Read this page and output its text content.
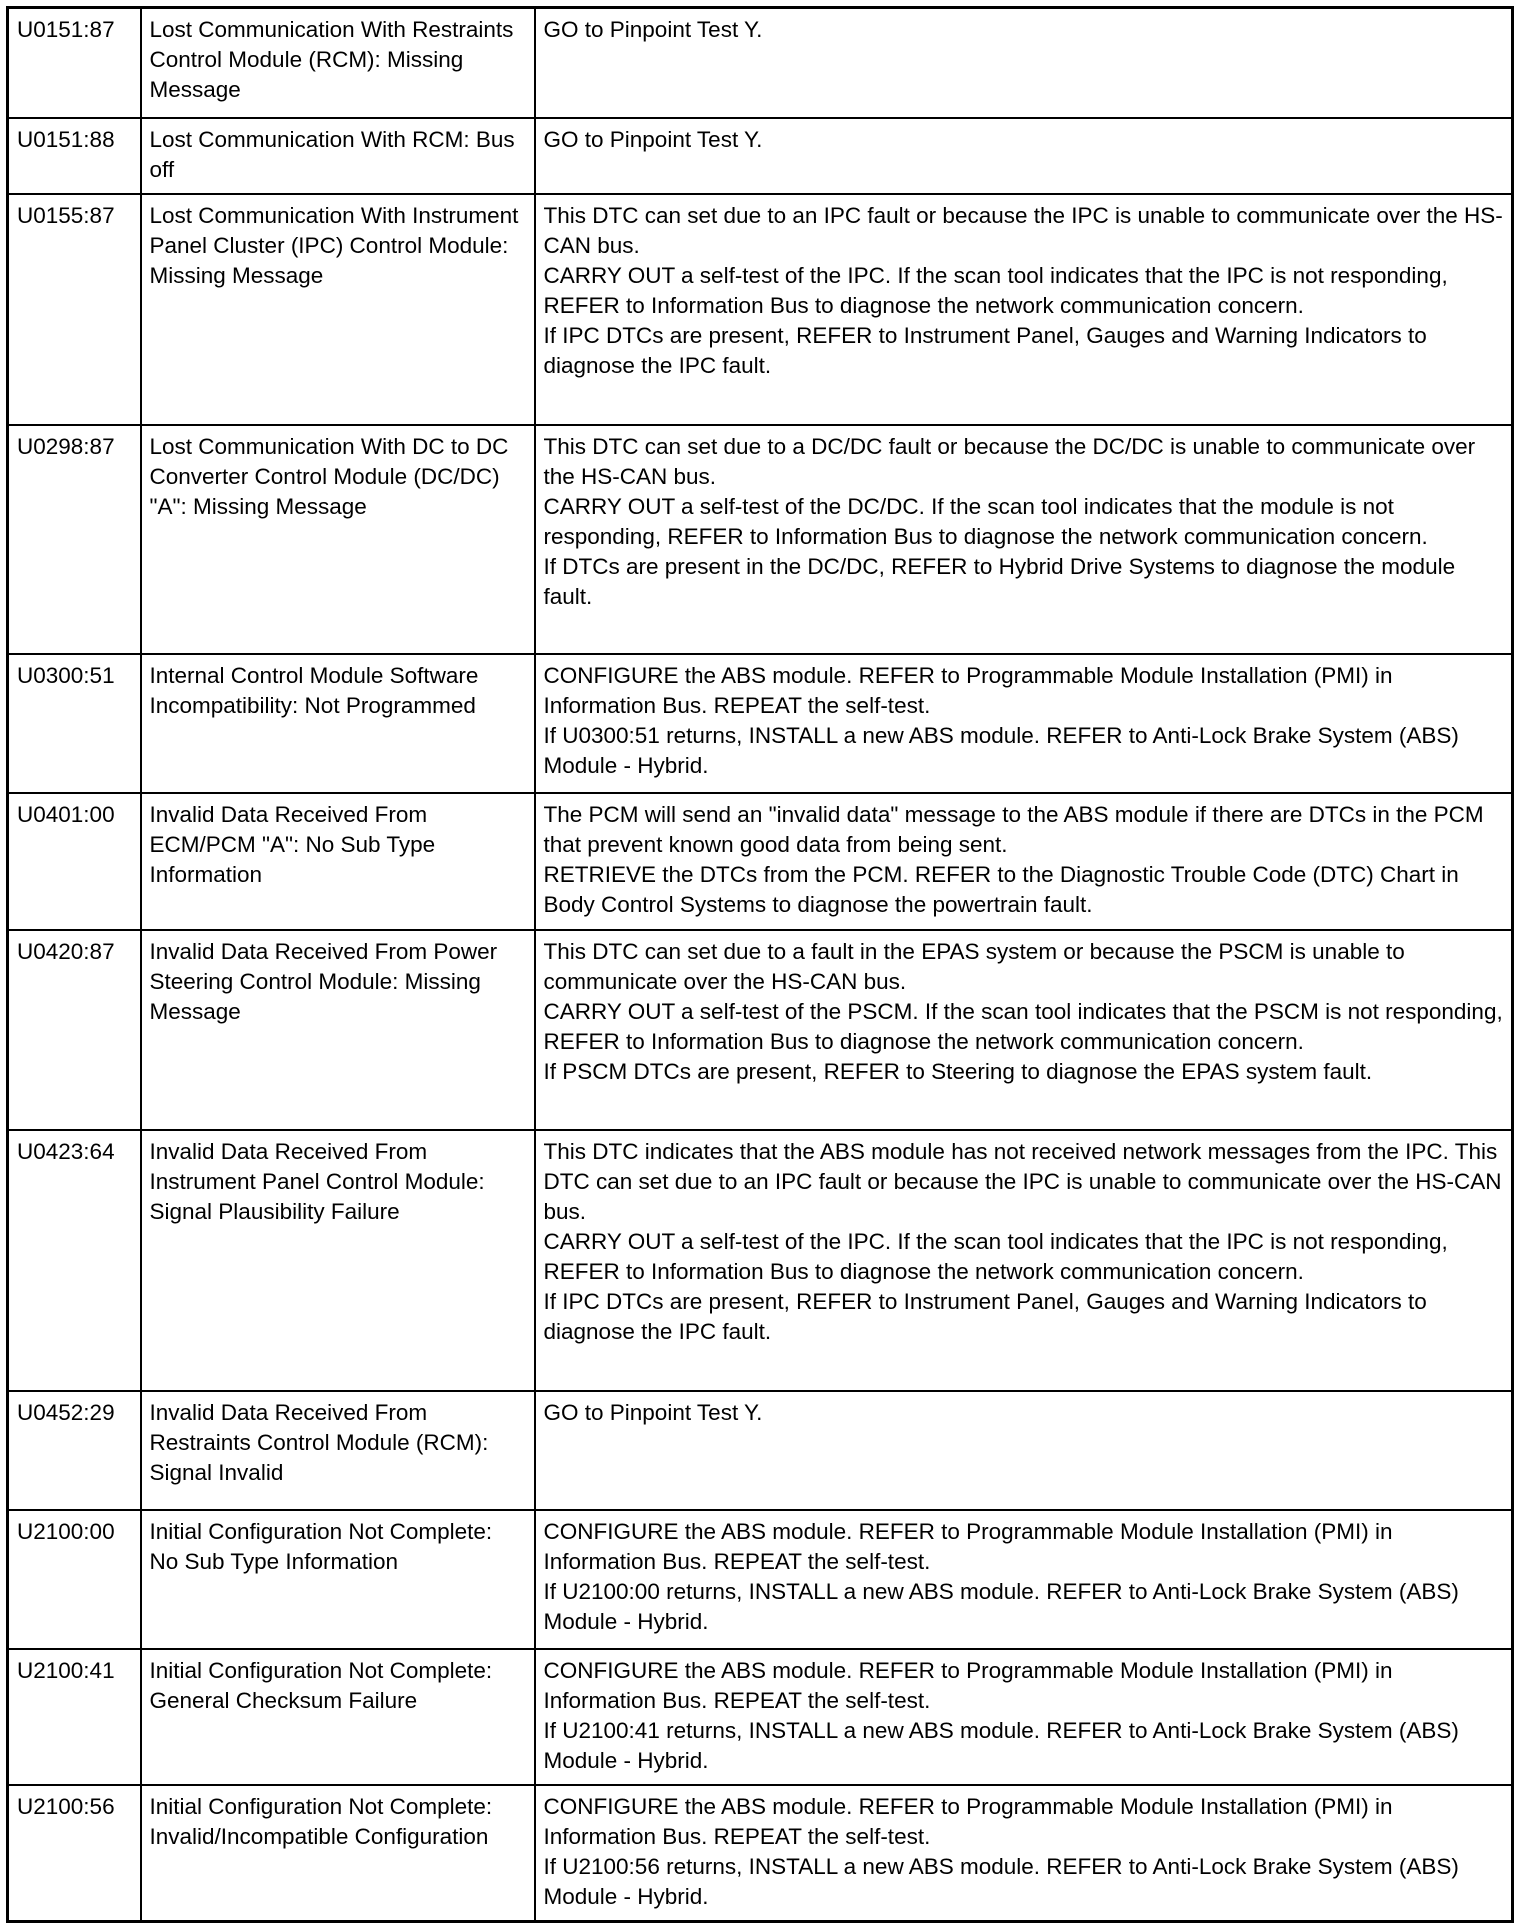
U0151:87	Lost Communication With Restraints Control Module (RCM): Missing Message	GO to Pinpoint Test Y.

U0151:88	Lost Communication With RCM: Bus off	GO to Pinpoint Test Y.

U0155:87	Lost Communication With Instrument Panel Cluster (IPC) Control Module: Missing Message	This DTC can set due to an IPC fault or because the IPC is unable to communicate over the HS-CAN bus.
CARRY OUT a self-test of the IPC. If the scan tool indicates that the IPC is not responding, REFER to Information Bus to diagnose the network communication concern.
If IPC DTCs are present, REFER to Instrument Panel, Gauges and Warning Indicators to diagnose the IPC fault.

U0298:87	Lost Communication With DC to DC Converter Control Module (DC/DC) "A": Missing Message	This DTC can set due to a DC/DC fault or because the DC/DC is unable to communicate over the HS-CAN bus.
CARRY OUT a self-test of the DC/DC. If the scan tool indicates that the module is not responding, REFER to Information Bus to diagnose the network communication concern.
If DTCs are present in the DC/DC, REFER to Hybrid Drive Systems to diagnose the module fault.

U0300:51	Internal Control Module Software Incompatibility: Not Programmed	CONFIGURE the ABS module. REFER to Programmable Module Installation (PMI) in Information Bus. REPEAT the self-test.
If U0300:51 returns, INSTALL a new ABS module. REFER to Anti-Lock Brake System (ABS) Module - Hybrid.

U0401:00	Invalid Data Received From ECM/PCM "A": No Sub Type Information	The PCM will send an "invalid data" message to the ABS module if there are DTCs in the PCM that prevent known good data from being sent.
RETRIEVE the DTCs from the PCM. REFER to the Diagnostic Trouble Code (DTC) Chart in Body Control Systems to diagnose the powertrain fault.

U0420:87	Invalid Data Received From Power Steering Control Module: Missing Message	This DTC can set due to a fault in the EPAS system or because the PSCM is unable to communicate over the HS-CAN bus.
CARRY OUT a self-test of the PSCM. If the scan tool indicates that the PSCM is not responding, REFER to Information Bus to diagnose the network communication concern.
If PSCM DTCs are present, REFER to Steering to diagnose the EPAS system fault.

U0423:64	Invalid Data Received From Instrument Panel Control Module: Signal Plausibility Failure	This DTC indicates that the ABS module has not received network messages from the IPC. This DTC can set due to an IPC fault or because the IPC is unable to communicate over the HS-CAN bus.
CARRY OUT a self-test of the IPC. If the scan tool indicates that the IPC is not responding, REFER to Information Bus to diagnose the network communication concern.
If IPC DTCs are present, REFER to Instrument Panel, Gauges and Warning Indicators to diagnose the IPC fault.

U0452:29	Invalid Data Received From Restraints Control Module (RCM): Signal Invalid	GO to Pinpoint Test Y.

U2100:00	Initial Configuration Not Complete: No Sub Type Information	CONFIGURE the ABS module. REFER to Programmable Module Installation (PMI) in Information Bus. REPEAT the self-test.
If U2100:00 returns, INSTALL a new ABS module. REFER to Anti-Lock Brake System (ABS) Module - Hybrid.

U2100:41	Initial Configuration Not Complete: General Checksum Failure	CONFIGURE the ABS module. REFER to Programmable Module Installation (PMI) in Information Bus. REPEAT the self-test.
If U2100:41 returns, INSTALL a new ABS module. REFER to Anti-Lock Brake System (ABS) Module - Hybrid.

U2100:56	Initial Configuration Not Complete: Invalid/Incompatible Configuration	CONFIGURE the ABS module. REFER to Programmable Module Installation (PMI) in Information Bus. REPEAT the self-test.
If U2100:56 returns, INSTALL a new ABS module. REFER to Anti-Lock Brake System (ABS) Module - Hybrid.
